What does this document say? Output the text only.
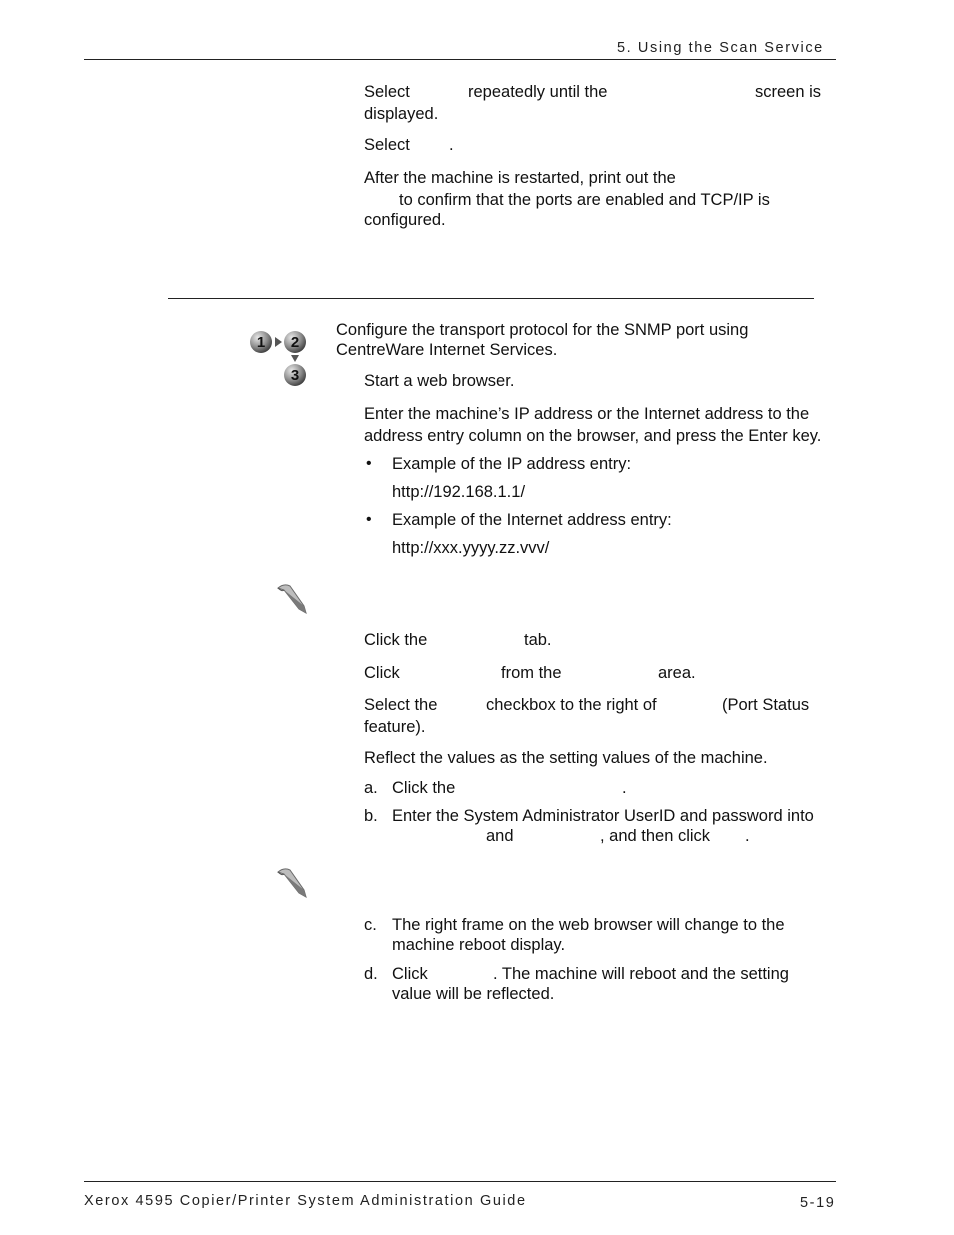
5. Using the Scan Service
Select	repeatedly until the	screen is
displayed.
Select .
After the machine is restarted, print out the
to confirm that the ports are enabled and TCP/IP is
configured.
1 2
3
Configure the transport protocol for the SNMP port using
CentreWare Internet Services.
Start a web browser.
Enter the machine’s IP address or the Internet address to the
address entry column on the browser, and press the Enter key.
• Example of the IP address entry:
http://192.168.1.1/
• Example of the Internet address entry:
http://xxx.yyyy.zz.vvv/
Click the	tab.
Click	from the	area.
Select the	checkbox to the right of	(Port Status
feature).
Reflect the values as the setting values of the machine.
a. Click the	.
b. Enter the System Administrator UserID and password into
and	, and then click .
c. The right frame on the web browser will change to the
machine reboot display.
d. Click	. The machine will reboot and the setting
value will be reflected.
Xerox 4595 Copier/Printer System Administration Guide	5-19
